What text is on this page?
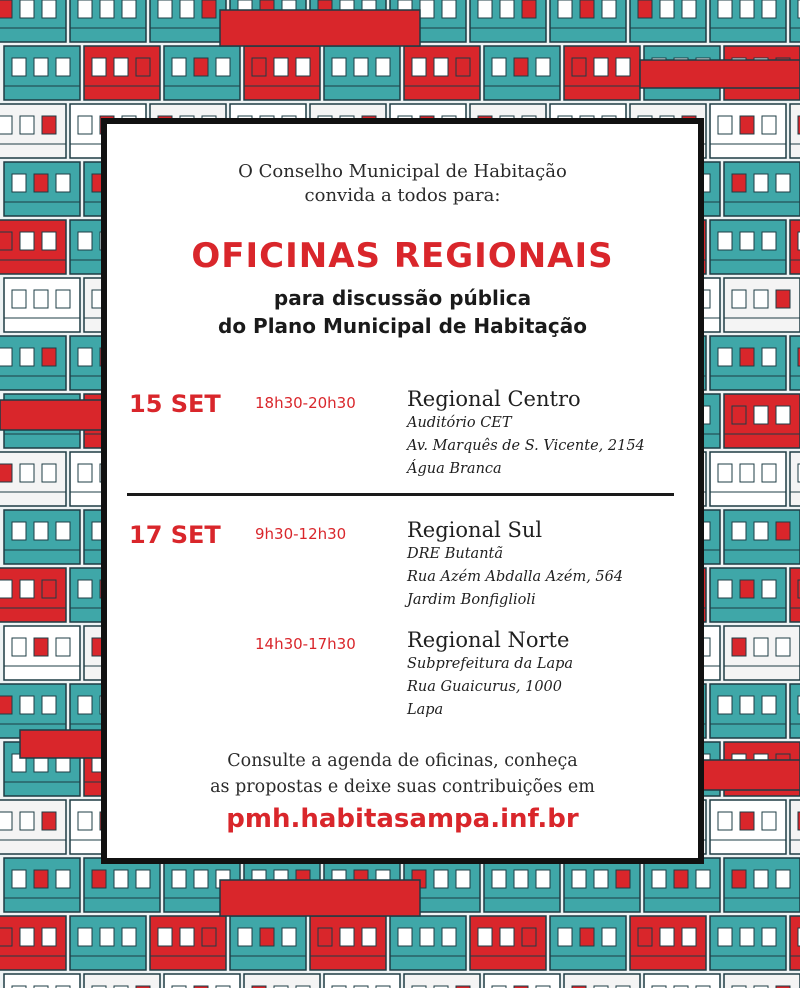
O Conselho Municipal de Habitação
convida a todos para:
OFICINAS REGIONAIS
para discussão pública
do Plano Municipal de Habitação
15 SET 18h30-20h30 Regional Centro
Auditório CET
Av. Marquês de S. Vicente, 2154
Água Branca
17 SET 9h30-12h30	Regional Sul
DRE Butantã
Rua Azém Abdalla Azém, 564
Jardim Bonfiglioli
14h30-17h30 Regional Norte
Subprefeitura da Lapa
Rua Guaicurus, 1000
Lapa
Consulte a agenda de oficinas, conheça
as propostas e deixe suas contribuições em
pmh.habitasampa.inf.br
